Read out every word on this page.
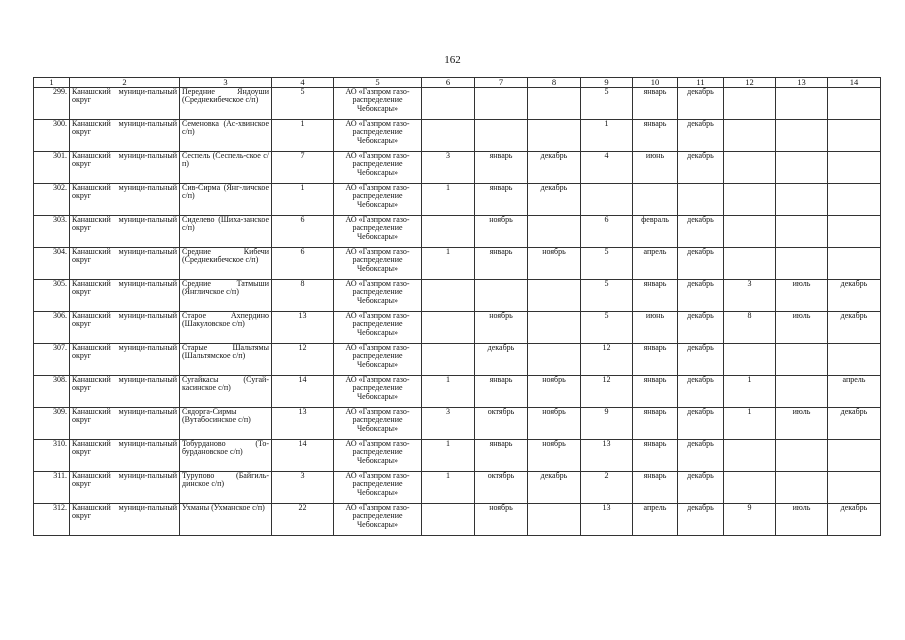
162
1	2	3	4	5	6	7	8	9	10	11	12	13	14
299.	Канашский муници-пальный округ	Передние Яндоуши (Среднекибечское с/п)	5	АО «Газпром газо-распределение Чебоксары»				5	январь	декабрь			
300.	Канашский муници-пальный округ	Семеновка (Ас-хвинское с/п)	1	АО «Газпром газо-распределение Чебоксары»				1	январь	декабрь			
301.	Канашский муници-пальный округ	Сеспель (Сеспель-ское с/п)	7	АО «Газпром газо-распределение Чебоксары»	3	январь	декабрь	4	июнь	декабрь			
302.	Канашский муници-пальный округ	Сив-Сирма (Янг-личское с/п)	1	АО «Газпром газо-распределение Чебоксары»	1	январь	декабрь						
303.	Канашский муници-пальный округ	Сиделево (Шиха-занское с/п)	6	АО «Газпром газо-распределение Чебоксары»		ноябрь		6	февраль	декабрь			
304.	Канашский муници-пальный округ	Средние Кибечи (Среднекибечское с/п)	6	АО «Газпром газо-распределение Чебоксары»	1	январь	ноябрь	5	апрель	декабрь			
305.	Канашский муници-пальный округ	Средние Татмыши (Янгличское с/п)	8	АО «Газпром газо-распределение Чебоксары»				5	январь	декабрь	3	июль	декабрь
306.	Канашский муници-пальный округ	Старое Ахпердино (Шакуловское с/п)	13	АО «Газпром газо-распределение Чебоксары»		ноябрь		5	июнь	декабрь	8	июль	декабрь
307.	Канашский муници-пальный округ	Старые Шальтямы (Шальтямское с/п)	12	АО «Газпром газо-распределение Чебоксары»		декабрь		12	январь	декабрь			
308.	Канашский муници-пальный округ	Сугайкасы (Сугай-касинское с/п)	14	АО «Газпром газо-распределение Чебоксары»	1	январь	ноябрь	12	январь	декабрь	1		апрель
309.	Канашский муници-пальный округ	Сядорга-Сирмы (Вутабосинское с/п)	13	АО «Газпром газо-распределение Чебоксары»	3	октябрь	ноябрь	9	январь	декабрь	1	июль	декабрь
310.	Канашский муници-пальный округ	Тобурданово (То-бурдановское с/п)	14	АО «Газпром газо-распределение Чебоксары»	1	январь	ноябрь	13	январь	декабрь			
311.	Канашский муници-пальный округ	Турупово (Байгиль-динское с/п)	3	АО «Газпром газо-распределение Чебоксары»	1	октябрь	декабрь	2	январь	декабрь			
312.	Канашский муници-пальный округ	Ухманы (Ухманское с/п)	22	АО «Газпром газо-распределение Чебоксары»		ноябрь		13	апрель	декабрь	9	июль	декабрь
